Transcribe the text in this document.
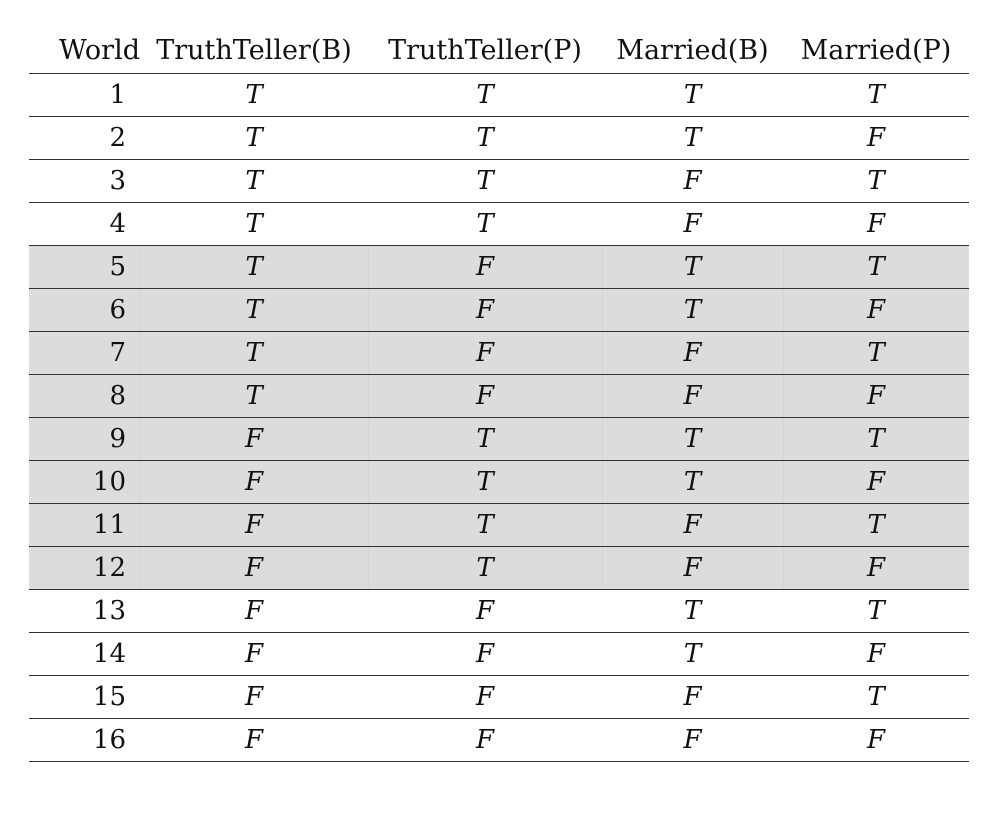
World	TruthTeller(B)	TruthTeller(P)	Married(B)	Married(P)
1	T	T	T	T
2	T	T	T	F
3	T	T	F	T
4	T	T	F	F
5	T	F	T	T
6	T	F	T	F
7	T	F	F	T
8	T	F	F	F
9	F	T	T	T
10	F	T	T	F
11	F	T	F	T
12	F	T	F	F
13	F	F	T	T
14	F	F	T	F
15	F	F	F	T
16	F	F	F	F
